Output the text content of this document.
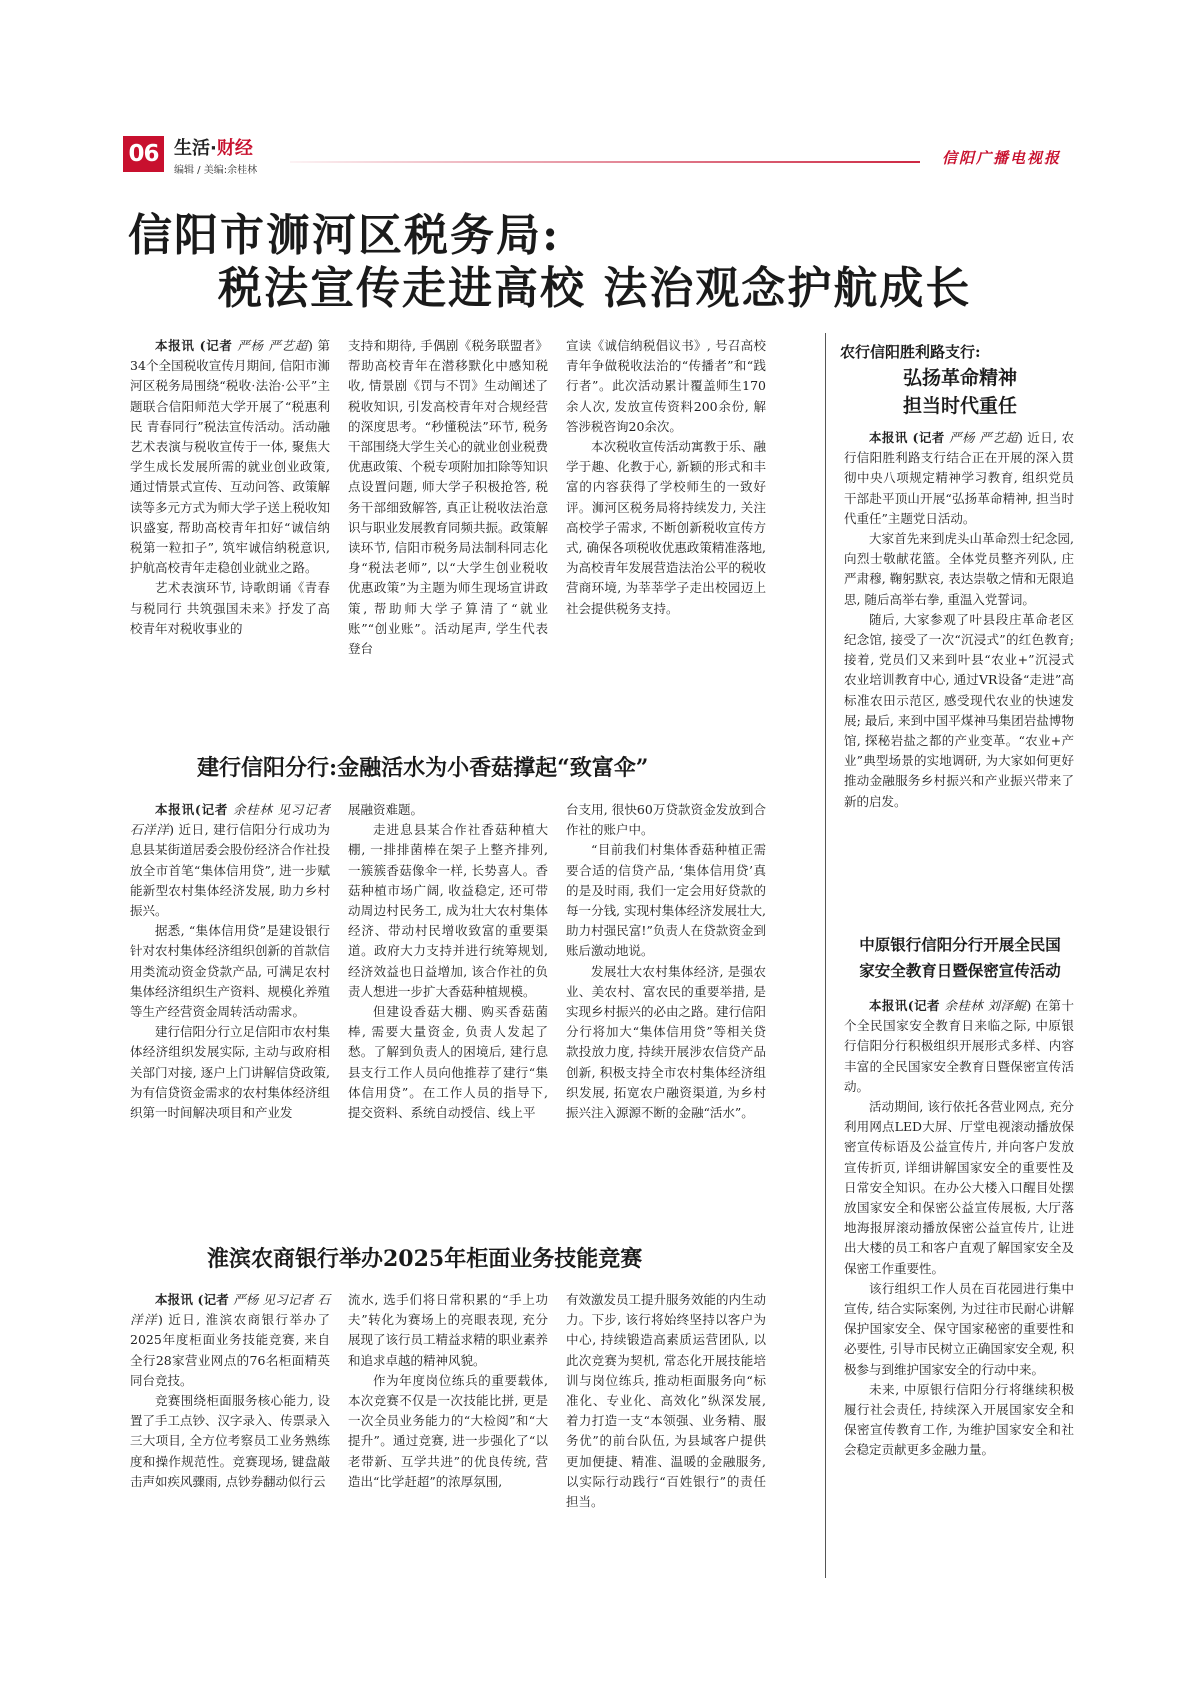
06 生活·财经
编辑 / 美编:余桂林
信阳广播电视报
信阳市浉河区税务局:
税法宣传走进高校 法治观念护航成长

本报讯 (记者 严杨 严艺超) 第34个全国税收宣传月期间, 信阳市浉河区税务局围绕“税收·法治·公平”主题联合信阳师范大学开展了“税惠利民 青春同行”税法宣传活动。活动融艺术表演与税收宣传于一体, 聚焦大学生成长发展所需的就业创业政策, 通过情景式宣传、互动问答、政策解读等多元方式为师大学子送上税收知识盛宴, 帮助高校青年扣好“诚信纳税第一粒扣子”, 筑牢诚信纳税意识, 护航高校青年走稳创业就业之路。

艺术表演环节, 诗歌朗诵《青春与税同行 共筑强国未来》抒发了高校青年对税收事业的

支持和期待, 手偶剧《税务联盟者》帮助高校青年在潜移默化中感知税收, 情景剧《罚与不罚》生动阐述了税收知识, 引发高校青年对合规经营的深度思考。“秒懂税法”环节, 税务干部围绕大学生关心的就业创业税费优惠政策、个税专项附加扣除等知识点设置问题, 师大学子积极抢答, 税务干部细致解答, 真正让税收法治意识与职业发展教育同频共振。政策解读环节, 信阳市税务局法制科同志化身“税法老师”, 以“大学生创业税收优惠政策”为主题为师生现场宣讲政策, 帮助师大学子算清了“就业账”“创业账”。活动尾声, 学生代表登台

宣读《诚信纳税倡议书》, 号召高校青年争做税收法治的“传播者”和“践行者”。此次活动累计覆盖师生170余人次, 发放宣传资料200余份, 解答涉税咨询20余次。

本次税收宣传活动寓教于乐、融学于趣、化教于心, 新颖的形式和丰富的内容获得了学校师生的一致好评。浉河区税务局将持续发力, 关注高校学子需求, 不断创新税收宣传方式, 确保各项税收优惠政策精准落地, 为高校青年发展营造法治公平的税收营商环境, 为莘莘学子走出校园迈上社会提供税务支持。

建行信阳分行:金融活水为小香菇撑起“致富伞”

本报讯(记者 余桂林 见习记者 石洋洋) 近日, 建行信阳分行成功为息县某街道居委会股份经济合作社投放全市首笔“集体信用贷”, 进一步赋能新型农村集体经济发展, 助力乡村振兴。

据悉, “集体信用贷”是建设银行针对农村集体经济组织创新的首款信用类流动资金贷款产品, 可满足农村集体经济组织生产资料、规模化养殖等生产经营资金周转活动需求。

建行信阳分行立足信阳市农村集体经济组织发展实际, 主动与政府相关部门对接, 逐户上门讲解信贷政策, 为有信贷资金需求的农村集体经济组织第一时间解决项目和产业发

展融资难题。

走进息县某合作社香菇种植大棚, 一排排菌棒在架子上整齐排列, 一簇簇香菇像伞一样, 长势喜人。香菇种植市场广阔, 收益稳定, 还可带动周边村民务工, 成为壮大农村集体经济、带动村民增收致富的重要渠道。政府大力支持并进行统筹规划, 经济效益也日益增加, 该合作社的负责人想进一步扩大香菇种植规模。

但建设香菇大棚、购买香菇菌棒, 需要大量资金, 负责人发起了愁。了解到负责人的困境后, 建行息县支行工作人员向他推荐了建行“集体信用贷”。在工作人员的指导下, 提交资料、系统自动授信、线上平

台支用, 很快60万贷款资金发放到合作社的账户中。

“目前我们村集体香菇种植正需要合适的信贷产品, ‘集体信用贷’真的是及时雨, 我们一定会用好贷款的每一分钱, 实现村集体经济发展壮大, 助力村强民富!”负责人在贷款资金到账后激动地说。

发展壮大农村集体经济, 是强农业、美农村、富农民的重要举措, 是实现乡村振兴的必由之路。建行信阳分行将加大“集体信用贷”等相关贷款投放力度, 持续开展涉农信贷产品创新, 积极支持全市农村集体经济组织发展, 拓宽农户融资渠道, 为乡村振兴注入源源不断的金融“活水”。

淮滨农商银行举办2025年柜面业务技能竞赛

本报讯 (记者 严杨 见习记者 石洋洋) 近日, 淮滨农商银行举办了2025年度柜面业务技能竞赛, 来自全行28家营业网点的76名柜面精英同台竞技。

竞赛围绕柜面服务核心能力, 设置了手工点钞、汉字录入、传票录入三大项目, 全方位考察员工业务熟练度和操作规范性。竞赛现场, 键盘敲击声如疾风骤雨, 点钞券翻动似行云

流水, 选手们将日常积累的“手上功夫”转化为赛场上的亮眼表现, 充分展现了该行员工精益求精的职业素养和追求卓越的精神风貌。

作为年度岗位练兵的重要载体, 本次竞赛不仅是一次技能比拼, 更是一次全员业务能力的“大检阅”和“大提升”。通过竞赛, 进一步强化了“以老带新、互学共进”的优良传统, 营造出“比学赶超”的浓厚氛围,

有效激发员工提升服务效能的内生动力。下步, 该行将始终坚持以客户为中心, 持续锻造高素质运营团队, 以此次竞赛为契机, 常态化开展技能培训与岗位练兵, 推动柜面服务向“标准化、专业化、高效化”纵深发展, 着力打造一支“本领强、业务精、服务优”的前台队伍, 为县域客户提供更加便捷、精准、温暖的金融服务, 以实际行动践行“百姓银行”的责任担当。

农行信阳胜利路支行:
弘扬革命精神
担当时代重任

本报讯 (记者 严杨 严艺超) 近日, 农行信阳胜利路支行结合正在开展的深入贯彻中央八项规定精神学习教育, 组织党员干部赴平顶山开展“弘扬革命精神, 担当时代重任”主题党日活动。

大家首先来到虎头山革命烈士纪念园, 向烈士敬献花篮。全体党员整齐列队, 庄严肃穆, 鞠躬默哀, 表达崇敬之情和无限追思, 随后高举右拳, 重温入党誓词。

随后, 大家参观了叶县段庄革命老区纪念馆, 接受了一次“沉浸式”的红色教育; 接着, 党员们又来到叶县“农业+”沉浸式农业培训教育中心, 通过VR设备“走进”高标准农田示范区, 感受现代农业的快速发展; 最后, 来到中国平煤神马集团岩盐博物馆, 探秘岩盐之都的产业变革。“农业+产业”典型场景的实地调研, 为大家如何更好推动金融服务乡村振兴和产业振兴带来了新的启发。

中原银行信阳分行开展全民国
家安全教育日暨保密宣传活动

本报讯(记者 余桂林 刘泽鲲) 在第十个全民国家安全教育日来临之际, 中原银行信阳分行积极组织开展形式多样、内容丰富的全民国家安全教育日暨保密宣传活动。

活动期间, 该行依托各营业网点, 充分利用网点LED大屏、厅堂电视滚动播放保密宣传标语及公益宣传片, 并向客户发放宣传折页, 详细讲解国家安全的重要性及日常安全知识。在办公大楼入口醒目处摆放国家安全和保密公益宣传展板, 大厅落地海报屏滚动播放保密公益宣传片, 让进出大楼的员工和客户直观了解国家安全及保密工作重要性。

该行组织工作人员在百花园进行集中宣传, 结合实际案例, 为过往市民耐心讲解保护国家安全、保守国家秘密的重要性和必要性, 引导市民树立正确国家安全观, 积极参与到维护国家安全的行动中来。

未来, 中原银行信阳分行将继续积极履行社会责任, 持续深入开展国家安全和保密宣传教育工作, 为维护国家安全和社会稳定贡献更多金融力量。
